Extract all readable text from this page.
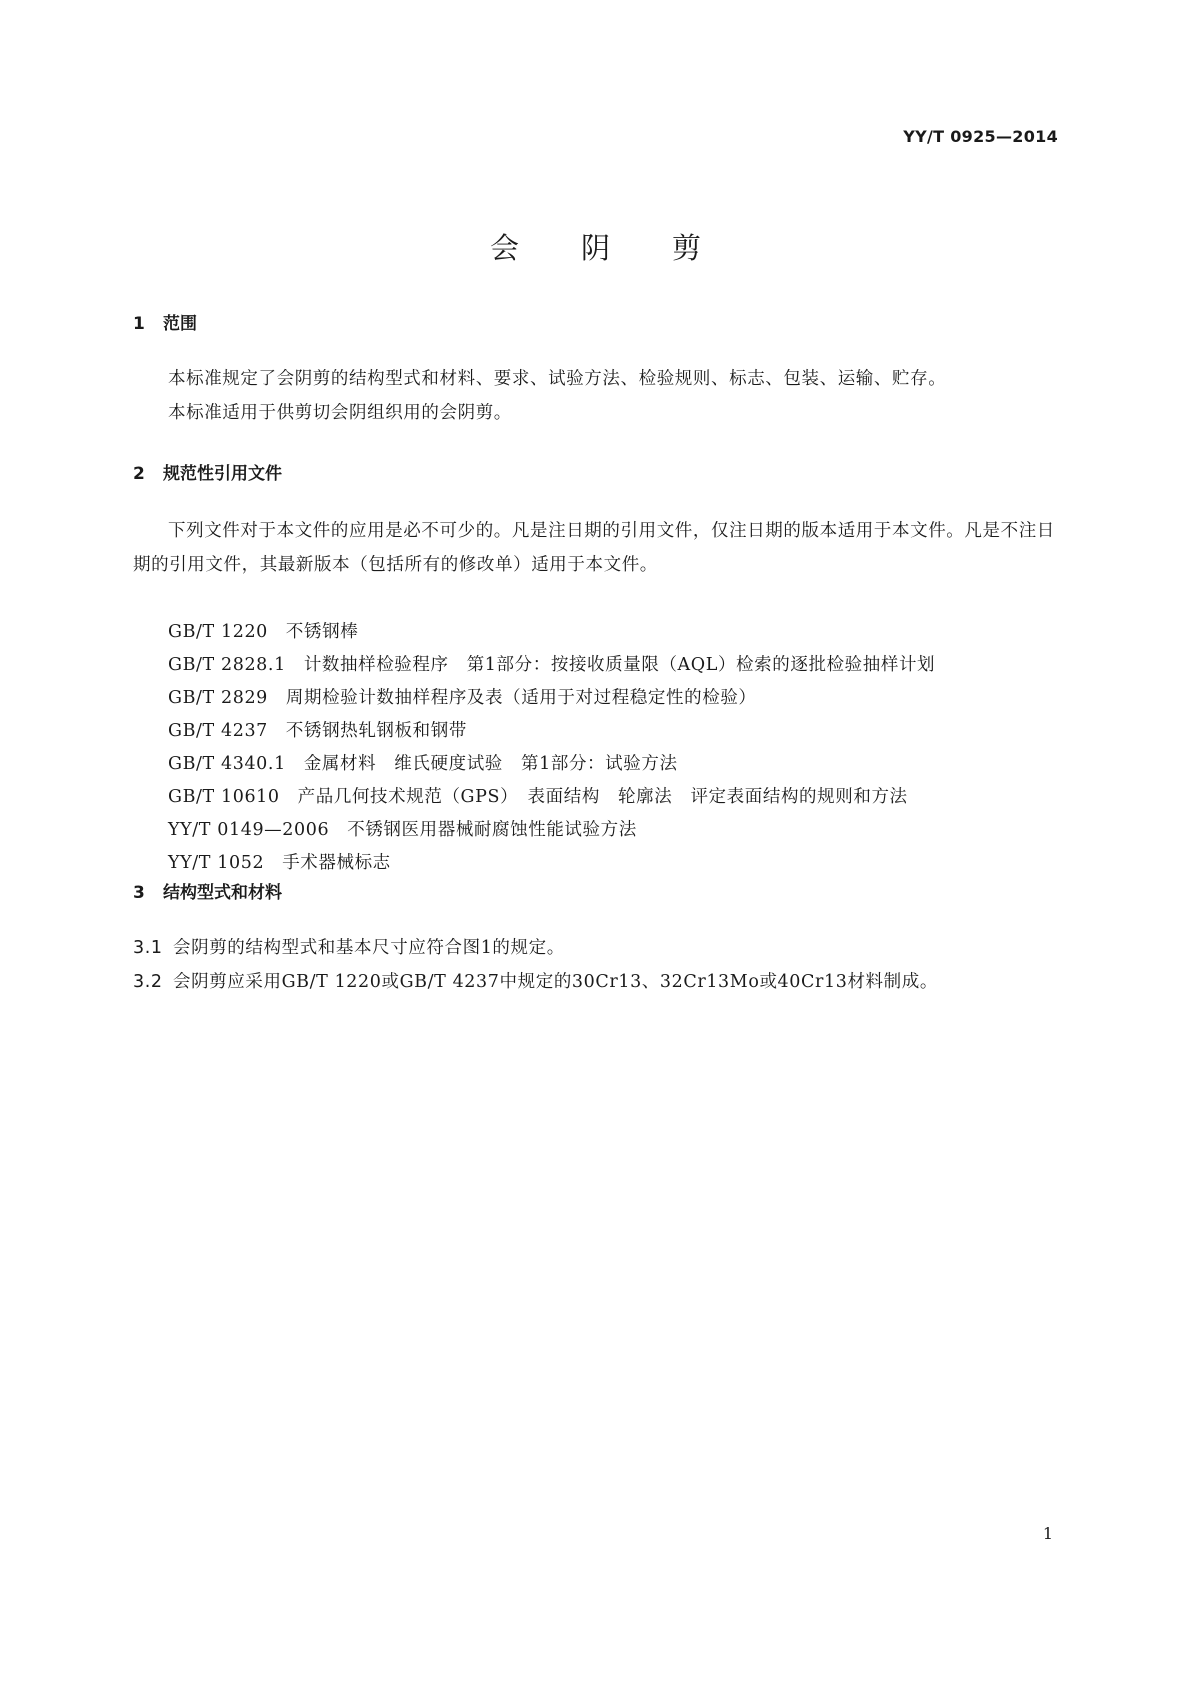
YY/T 0925—2014
会阴剪
1 范围

本标准规定了会阴剪的结构型式和材料、要求、试验方法、检验规则、标志、包装、运输、贮存。

本标准适用于供剪切会阴组织用的会阴剪。

2 规范性引用文件

下列文件对于本文件的应用是必不可少的。凡是注日期的引用文件，仅注日期的版本适用于本文件。凡是不注日期的引用文件，其最新版本（包括所有的修改单）适用于本文件。

GB/T 1220 不锈钢棒
GB/T 2828.1 计数抽样检验程序　第1部分：按接收质量限（AQL）检索的逐批检验抽样计划
GB/T 2829 周期检验计数抽样程序及表（适用于对过程稳定性的检验）
GB/T 4237 不锈钢热轧钢板和钢带
GB/T 4340.1 金属材料　维氏硬度试验　第1部分：试验方法
GB/T 10610 产品几何技术规范（GPS）　表面结构　轮廓法　评定表面结构的规则和方法
YY/T 0149—2006 不锈钢医用器械耐腐蚀性能试验方法
YY/T 1052 手术器械标志
3 结构型式和材料
3.1 会阴剪的结构型式和基本尺寸应符合图1的规定。
3.2 会阴剪应采用GB/T 1220或GB/T 4237中规定的30Cr13、32Cr13Mo或40Cr13材料制成。
1
